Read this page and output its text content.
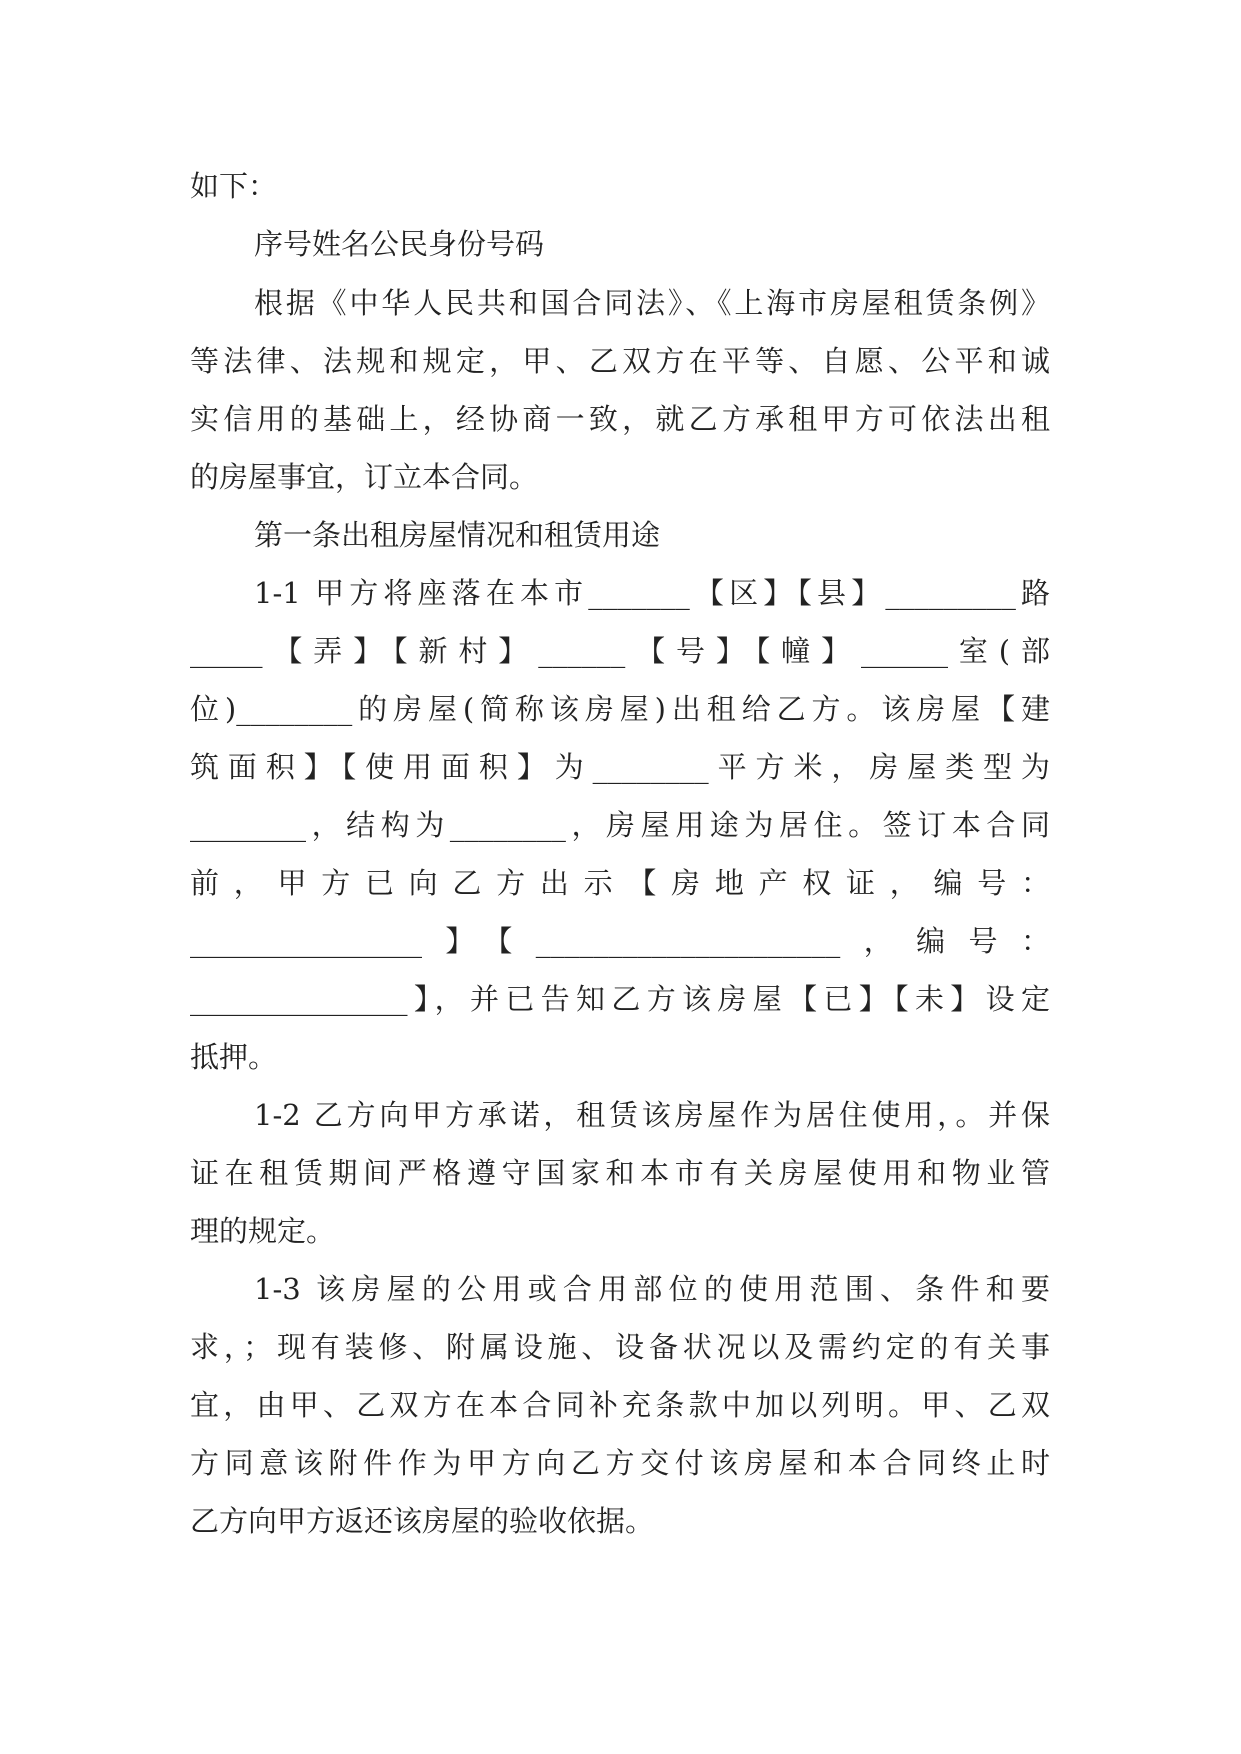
如下：
序号姓名公民身份号码
根据《中华人民共和国合同法》、《上海市房屋租赁条例》
等法律、法规和规定，甲、乙双方在平等、自愿、公平和诚
实信用的基础上，经协商一致，就乙方承租甲方可依法出租
的房屋事宜，订立本合同。
第一条出租房屋情况和租赁用途
1-1 甲方将座落在本市_______【区】【县】_________路
_____【弄】【新村】______【号】【幢】______室(部
位)________的房屋(简称该房屋)出租给乙方。该房屋【建
筑面积】【使用面积】为________平方米，房屋类型为
________，结构为________，房屋用途为居住。签订本合同
前，甲方已向乙方出示【房地产权证，编号：
________________】【_____________________，编号：
_______________】，并已告知乙方该房屋【已】【未】设定
抵押。
1-2 乙方向甲方承诺，租赁该房屋作为居住使用，。并保
证在租赁期间严格遵守国家和本市有关房屋使用和物业管
理的规定。
1-3 该房屋的公用或合用部位的使用范围、条件和要
求，；现有装修、附属设施、设备状况以及需约定的有关事
宜，由甲、乙双方在本合同补充条款中加以列明。甲、乙双
方同意该附件作为甲方向乙方交付该房屋和本合同终止时
乙方向甲方返还该房屋的验收依据。
